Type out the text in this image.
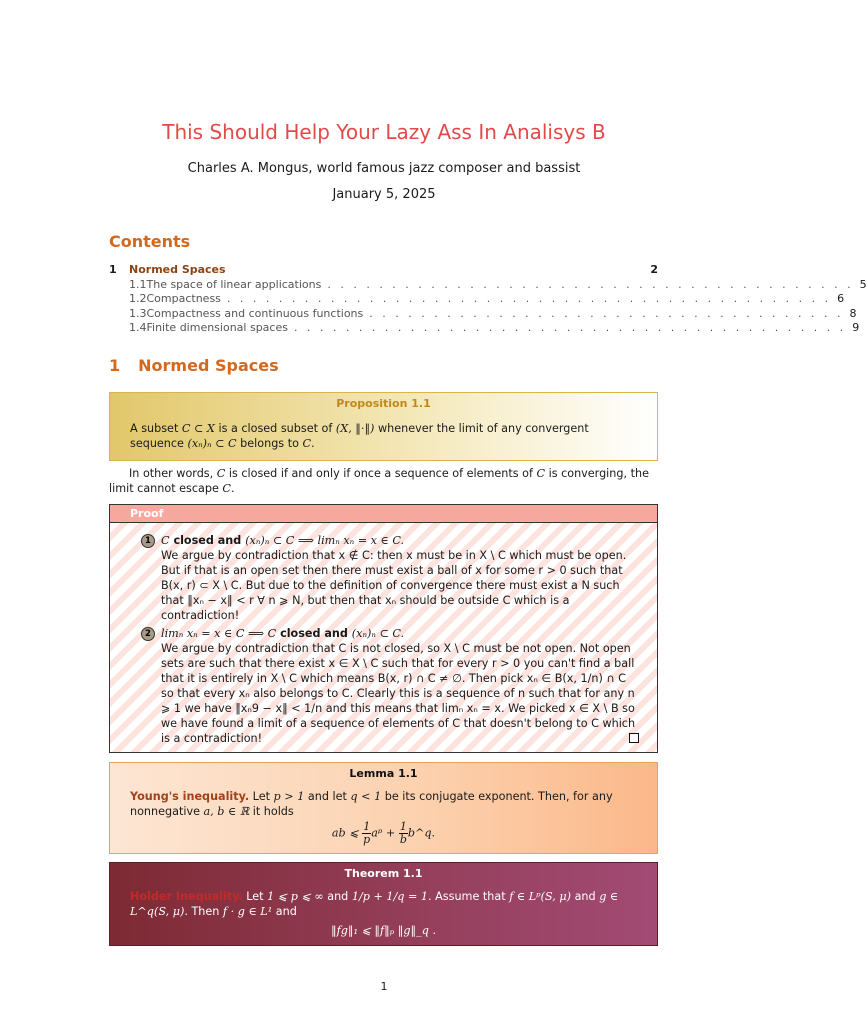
This Should Help Your Lazy Ass In Analisys B
Charles A. Mongus, world famous jazz composer and bassist
January 5, 2025
Contents
1	Normed Spaces	2
1.1 The space of linear applications . . . . . . . . . . . . . . . . . . . . . . . . . . . . . . . . . . . . . . . . . 5
1.2 Compactness . . . . . . . . . . . . . . . . . . . . . . . . . . . . . . . . . . . . . . . . . . . . . . . 6
1.3 Compactness and continuous functions . . . . . . . . . . . . . . . . . . . . . . . . . . . . . . . . . . . . . 8
1.4 Finite dimensional spaces . . . . . . . . . . . . . . . . . . . . . . . . . . . . . . . . . . . . . . . . . . . 9
1 Normed Spaces
Proposition 1.1
A subset C ⊂ X is a closed subset of (X, ‖·‖) whenever the limit of any convergent sequence (xₙ)ₙ ⊂ C belongs to C.
In other words, C is closed if and only if once a sequence of elements of C is converging, the limit cannot escape C.
Proof
1 C closed and (xₙ)ₙ ⊂ C ⟹ limₙ xₙ = x ∈ C.
We argue by contradiction that x ∉ C: then x must be in X \ C which must be open. But if that is an open set then there must exist a ball of x for some r > 0 such that B(x, r) ⊂ X \ C. But due to the definition of convergence there must exist a N such that ‖xₙ − x‖ < r ∀ n ⩾ N, but then that xₙ should be outside C which is a contradiction!
2 limₙ xₙ = x ∈ C ⟹ C closed and (xₙ)ₙ ⊂ C.
We argue by contradiction that C is not closed, so X \ C must be not open. Not open sets are such that there exist x ∈ X \ C such that for every r > 0 you can't find a ball that it is entirely in X \ C which means B(x, r) ∩ C ≠ ∅. Then pick xₙ ∈ B(x, 1/n) ∩ C so that every xₙ also belongs to C. Clearly this is a sequence of n such that for any n ⩾ 1 we have ‖xₙ9 − x‖ < 1/n and this means that limₙ xₙ = x. We picked x ∈ X \ B so we have found a limit of a sequence of elements of C that doesn't belong to C which is a contradiction!
Lemma 1.1
Young's inequality. Let p > 1 and let q < 1 be its conjugate exponent. Then, for any nonnegative a, b ∈ ℝ it holds
ab ⩽ $\frac{1}{p}$ aᵖ + $\frac{1}{b}$ b^q.
Theorem 1.1
Holder Inequality. Let 1 ⩽ p ⩽ ∞ and 1/p + 1/q = 1. Assume that f ∈ Lᵖ(S, μ) and g ∈ L^q(S, μ). Then f · g ∈ L¹ and
‖fg‖₁ ⩽ ‖f‖ₚ ‖g‖_q .
1
